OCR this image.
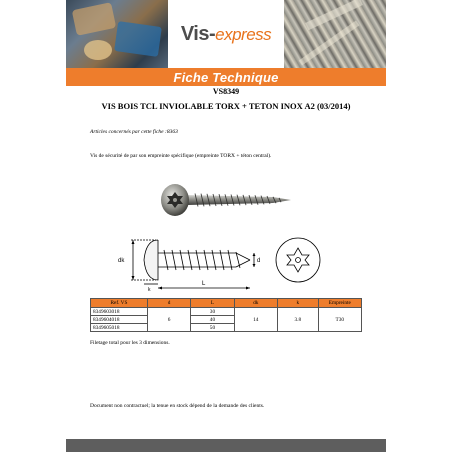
Vis-express
Fiche Technique
VS8349
VIS BOIS TCL INVIOLABLE TORX + TETON INOX A2 (03/2014)
Articles concernés par cette fiche :8363
Vis de sécurité de par son empreinte spécifique (empreinte TORX + téton central).
dk
k
L
d
Ref. VS	d	L	dk	k	Empreinte
8349603018	6	30	14	3.8	T30
8349604018		40			
8349605018		50			
Filetage total pour les 3 dimensions.
Document non contractuel; la tenue en stock dépend de la demande des clients.
